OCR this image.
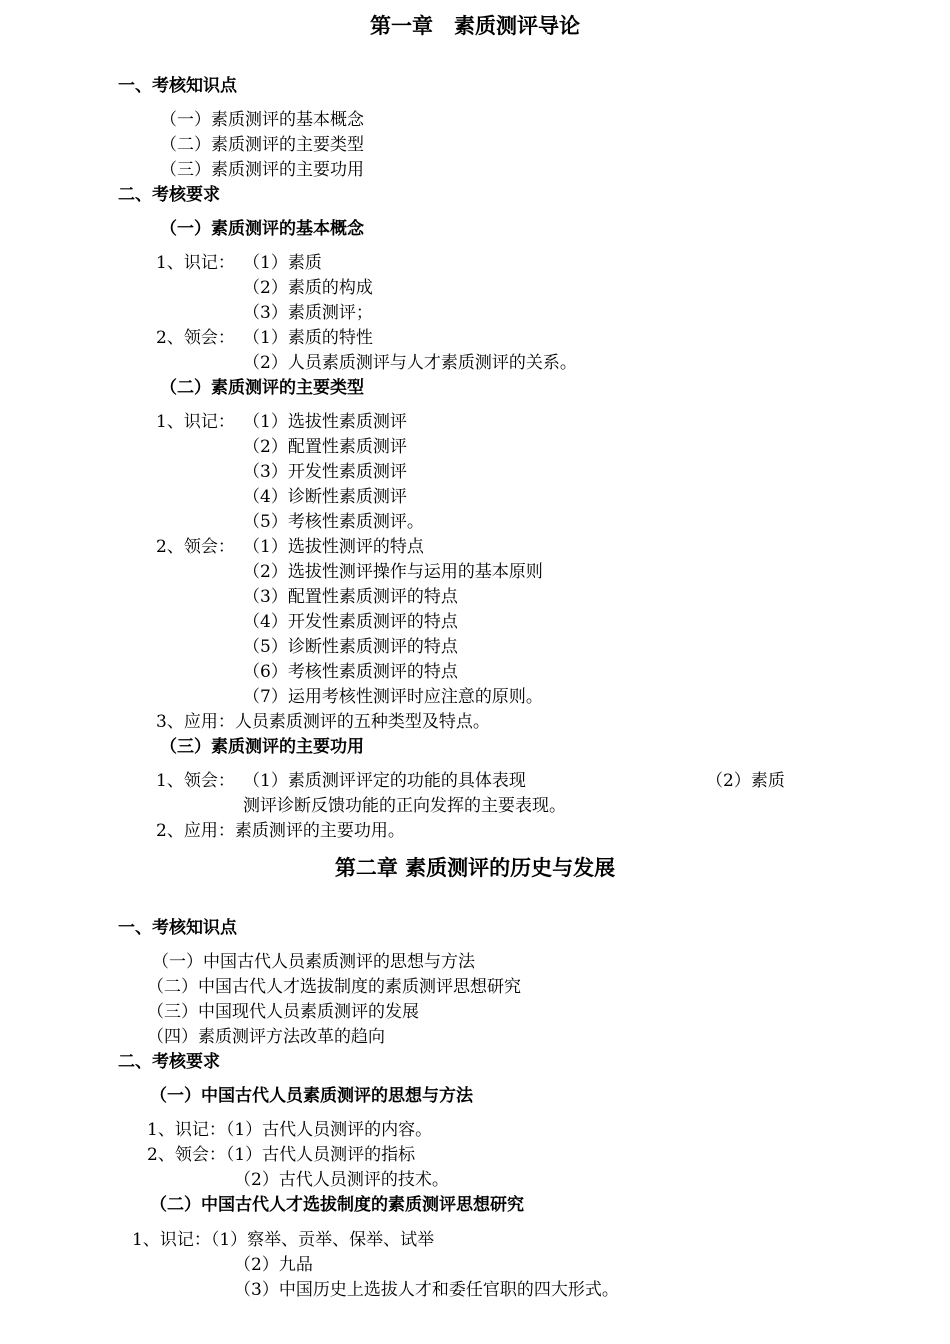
第一章　素质测评导论
一、考核知识点
（一）素质测评的基本概念
（二）素质测评的主要类型
（三）素质测评的主要功用
二、考核要求
（一）素质测评的基本概念
1、识记： （1）素质
（2）素质的构成
（3）素质测评；
2、领会： （1）素质的特性
（2）人员素质测评与人才素质测评的关系。
（二）素质测评的主要类型
1、识记： （1）选拔性素质测评
（2）配置性素质测评
（3）开发性素质测评
（4）诊断性素质测评
（5）考核性素质测评。
2、领会： （1）选拔性测评的特点
（2）选拔性测评操作与运用的基本原则
（3）配置性素质测评的特点
（4）开发性素质测评的特点
（5）诊断性素质测评的特点
（6）考核性素质测评的特点
（7）运用考核性测评时应注意的原则。
3、应用：人员素质测评的五种类型及特点。
（三）素质测评的主要功用
1、领会： （1）素质测评评定的功能的具体表现	（2）素质
测评诊断反馈功能的正向发挥的主要表现。
2、应用：素质测评的主要功用。
第二章 素质测评的历史与发展
一、考核知识点
（一）中国古代人员素质测评的思想与方法
（二）中国古代人才选拔制度的素质测评思想研究
（三）中国现代人员素质测评的发展
（四）素质测评方法改革的趋向
二、考核要求
（一）中国古代人员素质测评的思想与方法
1、识记：（1）古代人员测评的内容。
2、领会：（1）古代人员测评的指标
（2）古代人员测评的技术。
（二）中国古代人才选拔制度的素质测评思想研究
1、识记：（1）察举、贡举、保举、试举
（2）九品
（3）中国历史上选拔人才和委任官职的四大形式。
